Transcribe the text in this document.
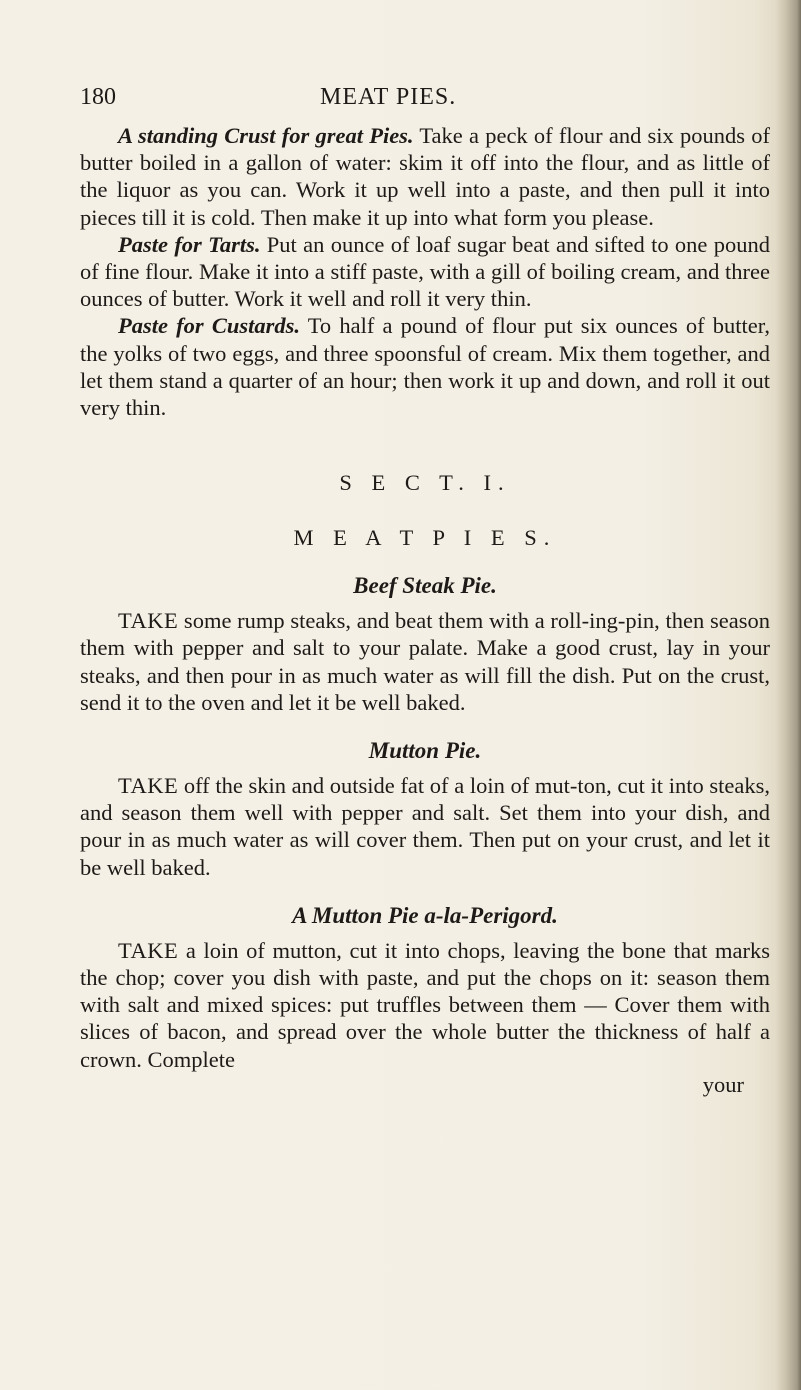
180	MEAT PIES.

A standing Crust for great Pies. Take a peck of flour and six pounds of butter boiled in a gallon of water: skim it off into the flour, and as little of the liquor as you can. Work it up well into a paste, and then pull it into pieces till it is cold. Then make it up into what form you please.

Paste for Tarts. Put an ounce of loaf sugar beat and sifted to one pound of fine flour. Make it into a stiff paste, with a gill of boiling cream, and three ounces of butter. Work it well and roll it very thin.

Paste for Custards. To half a pound of flour put six ounces of butter, the yolks of two eggs, and three spoonsful of cream. Mix them together, and let them stand a quarter of an hour; then work it up and down, and roll it out very thin.

S E C T. I.
M E A T P I E S.
Beef Steak Pie.

TAKE some rump steaks, and beat them with a roll-ing-pin, then season them with pepper and salt to your palate. Make a good crust, lay in your steaks, and then pour in as much water as will fill the dish. Put on the crust, send it to the oven and let it be well baked.

Mutton Pie.

TAKE off the skin and outside fat of a loin of mut-ton, cut it into steaks, and season them well with pepper and salt. Set them into your dish, and pour in as much water as will cover them. Then put on your crust, and let it be well baked.

A Mutton Pie a-la-Perigord.

TAKE a loin of mutton, cut it into chops, leaving the bone that marks the chop; cover you dish with paste, and put the chops on it: season them with salt and mixed spices: put truffles between them — Cover them with slices of bacon, and spread over the whole butter the thickness of half a crown. Complete

your
